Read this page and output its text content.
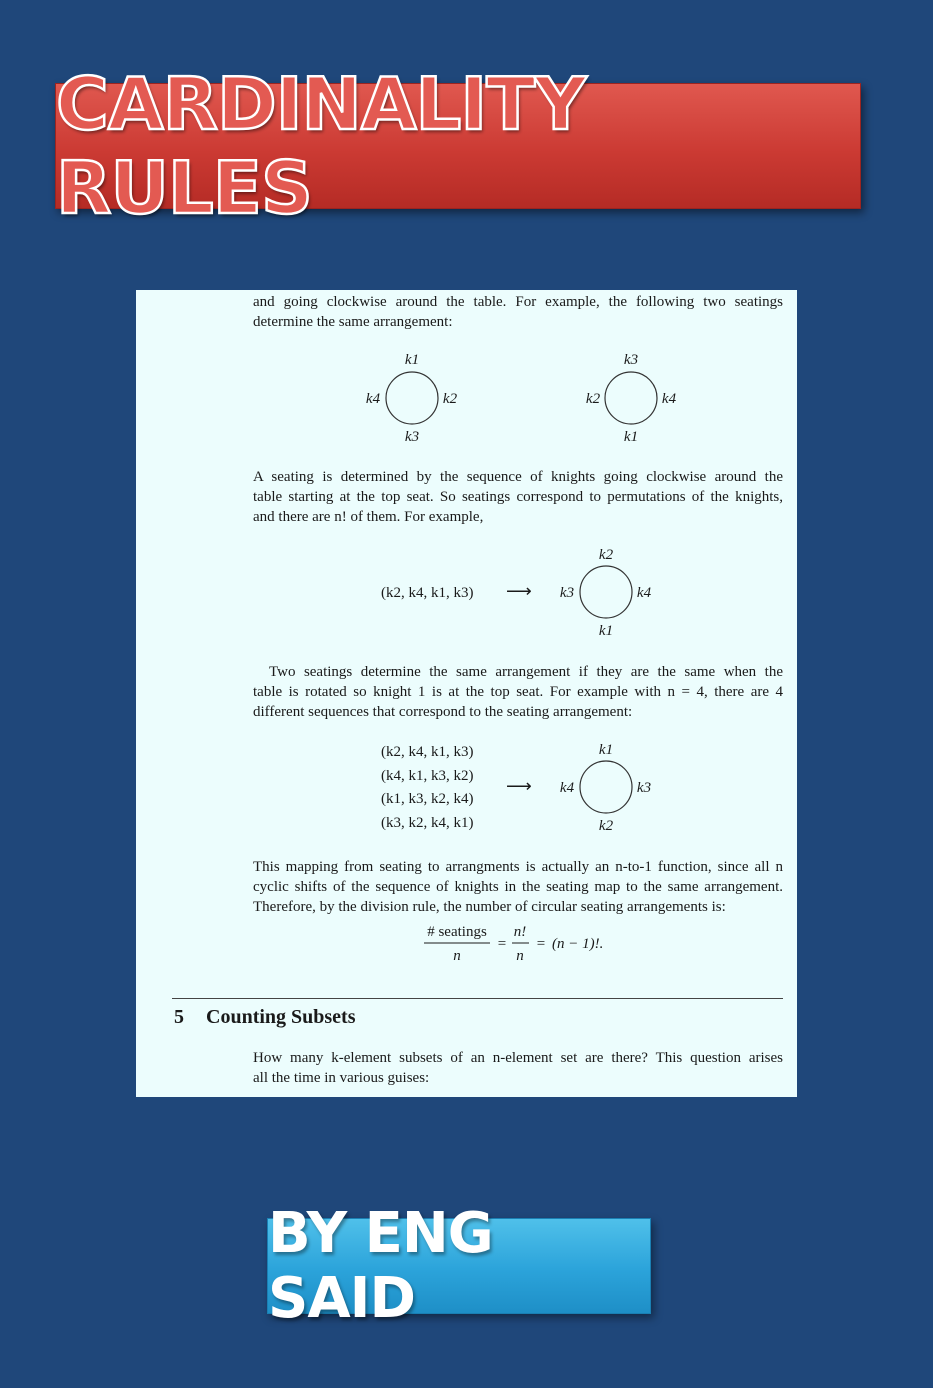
CARDINALITY RULES
and going clockwise around the table. For example, the following two seatings
determine the same arrangement:
A seating is determined by the sequence of knights going clockwise around the
table starting at the top seat. So seatings correspond to permutations of the knights,
and there are n! of them. For example,
Two seatings determine the same arrangement if they are the same when the
table is rotated so knight 1 is at the top seat. For example with n = 4, there are 4
different sequences that correspond to the seating arrangement:
This mapping from seating to arrangments is actually an n-to-1 function, since all n
cyclic shifts of the sequence of knights in the seating map to the same arrangement.
Therefore, by the division rule, the number of circular seating arrangements is:
k1
k4	k2
k3
k3
k2	k4
k1
(k2, k4, k1, k3) ⟶
k2
k3	k4
k1
(k2, k4, k1, k3)
(k4, k1, k3, k2)
(k1, k3, k2, k4)
(k3, k2, k4, k1)
⟶
k1
k4	k3
k2
# seatings
n
=
n!
n
= (n − 1)!.
5 Counting Subsets
How many k-element subsets of an n-element set are there? This question arises
all the time in various guises:
BY ENG SAID
